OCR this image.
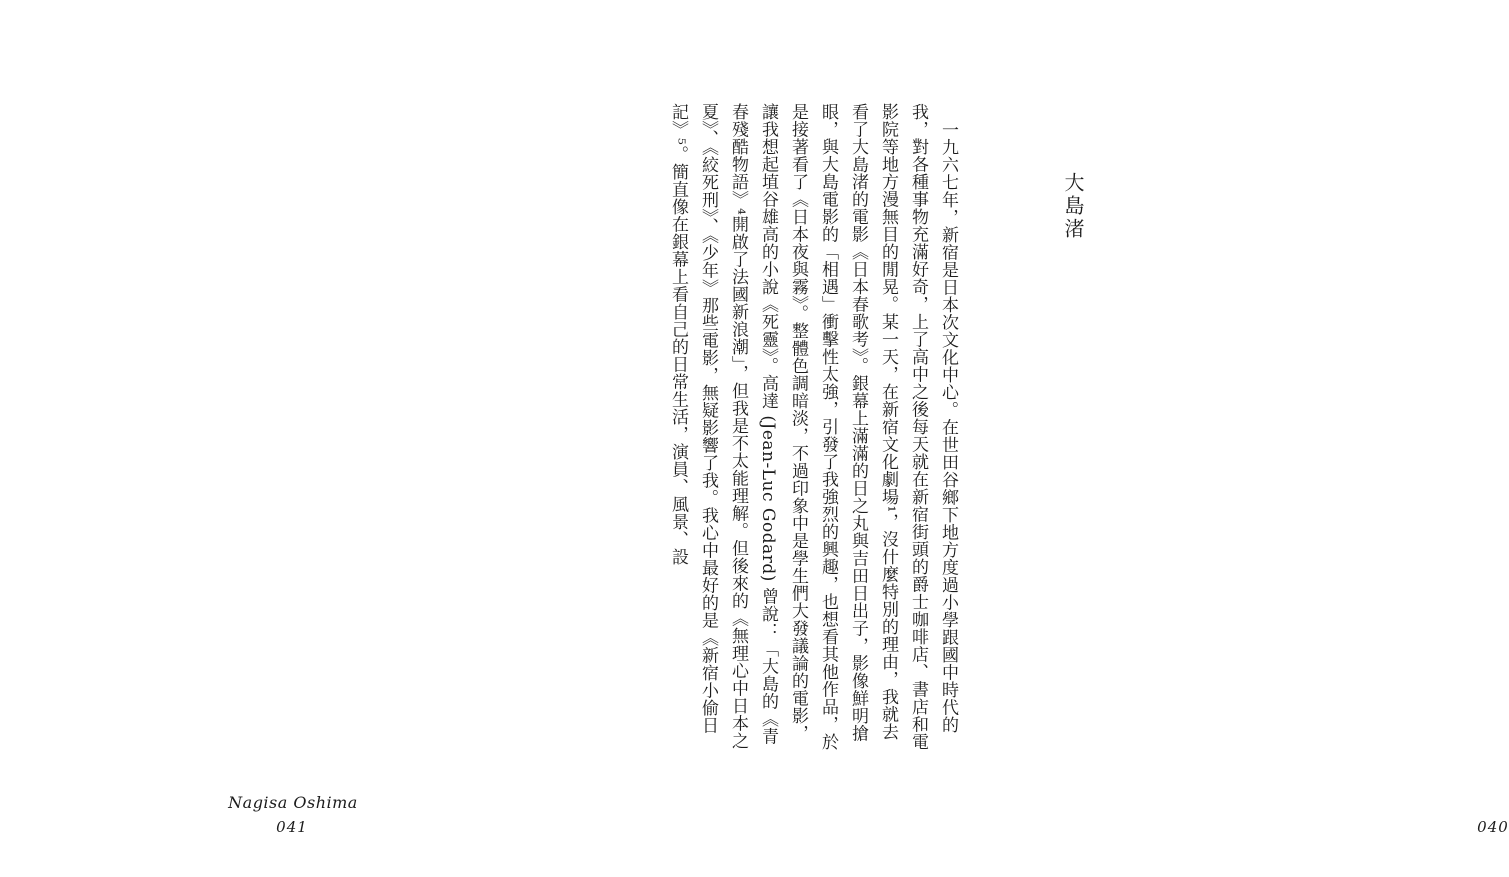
大島渚

一九六七年，新宿是日本次文化中心。在世田谷鄉下地方度過小學跟國中時代的我，對各種事物充滿好奇，上了高中之後每天就在新宿街頭的爵士咖啡店、書店和電影院等地方漫無目的閒晃。某一天，在新宿文化劇場¹，沒什麼特別的理由，我就去看了大島渚的電影《日本春歌考》。銀幕上滿滿的日之丸與吉田日出子，影像鮮明搶眼，與大島電影的「相遇」衝擊性太強，引發了我強烈的興趣，也想看其他作品，於是接著看了《日本夜與霧》。整體色調暗淡，不過印象中是學生們大發議論的電影，讓我想起埴谷雄高的小說《死靈》。高達 (Jean-Luc Godard) 曾說：「大島的《青春殘酷物語》⁴開啟了法國新浪潮」，但我是不太能理解。但後來的《無理心中日本之夏》、《絞死刑》、《少年》那些電影，無疑影響了我。我心中最好的是《新宿小偷日記》⁵。簡直像在銀幕上看自己的日常生活，演員、風景、設

040

Nagisa Oshima
041
